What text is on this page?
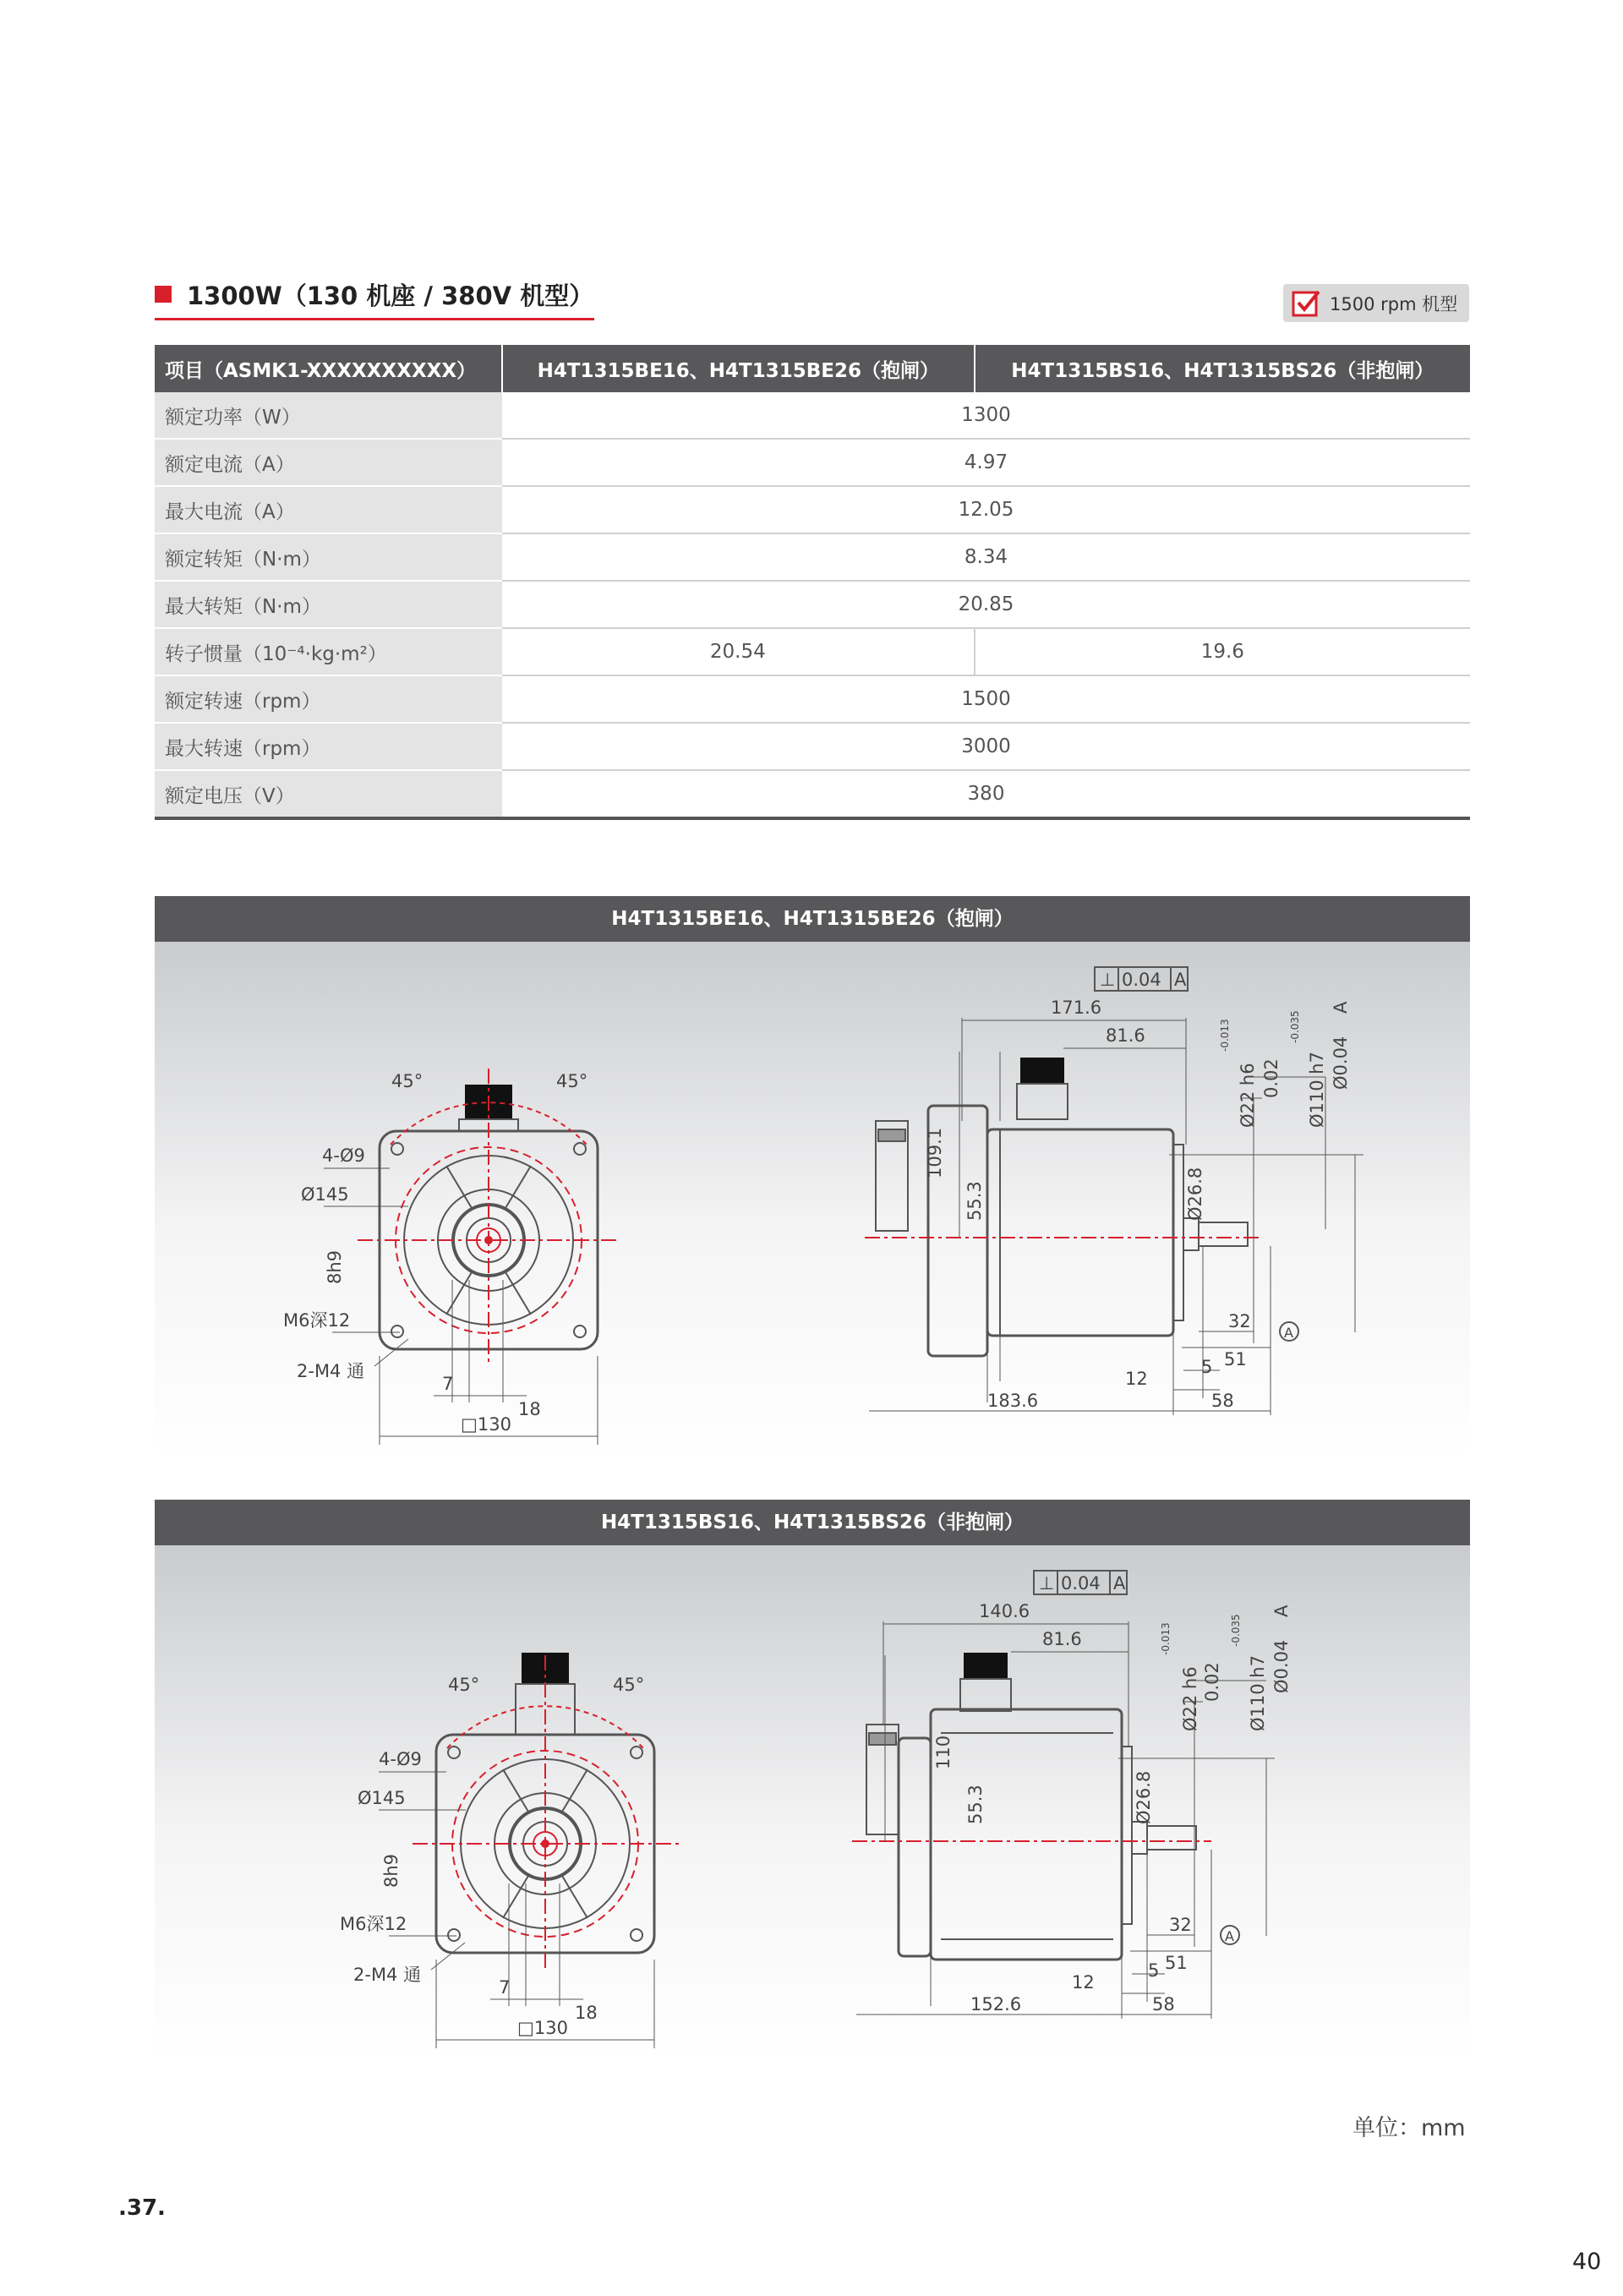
1300W（130 机座 / 380V 机型）	1500 rpm 机型
项目（ASMK1-XXXXXXXXXX）	H4T1315BE16、H4T1315BE26（抱闸）	H4T1315BS16、H4T1315BS26（非抱闸）
额定功率（W）	1300	
额定电流（A）	4.97	
最大电流（A）	12.05	
额定转矩（N·m）	8.34	
最大转矩（N·m）	20.85	
转子惯量（10⁻⁴·kg·m²）	20.54	19.6
额定转速（rpm）	1500	
最大转速（rpm）	3000	
额定电压（V）	380	
H4T1315BE16、H4T1315BE26（抱闸）
45°	45°
4-Ø9
Ø145
8h9
M6深12
2-M4 通
7
18
□130
⊥ 0.04 A
171.6
81.6
109.1
55.3
Ø22 h6
-0.013
0.02 Ø110 h7
-0.035
Ø0.04
A
Ø26.8
32
A
51
5
12
183.6	58
H4T1315BS16、H4T1315BS26（非抱闸）
45°	45°
4-Ø9
Ø145
8h9
M6深12
2-M4 通
7
18
□130
⊥ 0.04 A
140.6
81.6
110
55.3
Ø22 h6
-0.013
0.02 Ø110 h7
-0.035
Ø0.04
A
Ø26.8
32
A
51
5
12
152.6	58
单位：mm
.37.
40
